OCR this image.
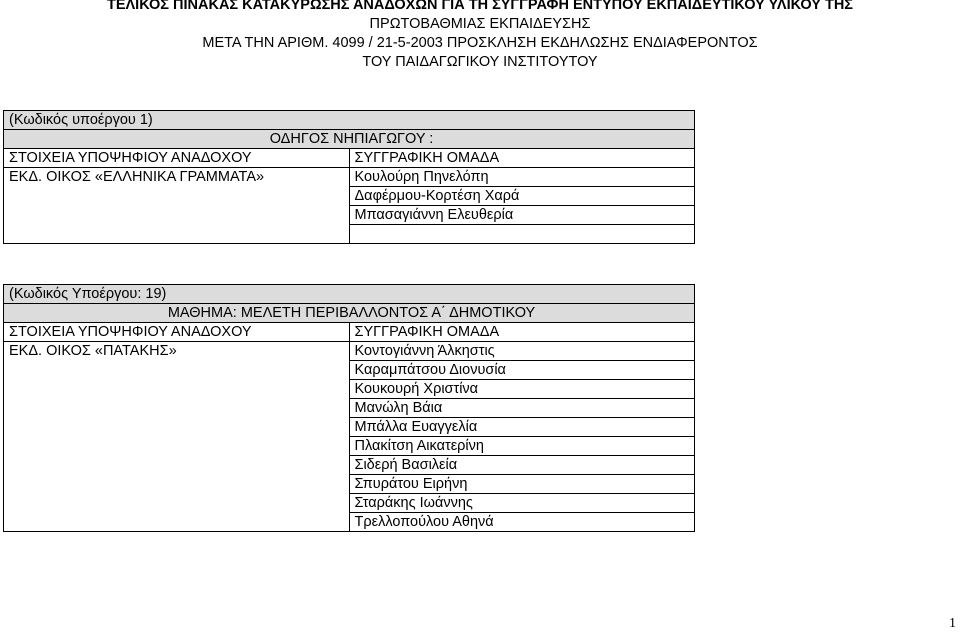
ΤΕΛΙΚΟΣ ΠΙΝΑΚΑΣ ΚΑΤΑΚΥΡΩΣΗΣ ΑΝΑΔΟΧΩΝ ΓΙΑ ΤΗ ΣΥΓΓΡΑΦΗ ΕΝΤΥΠΟΥ ΕΚΠΑΙΔΕΥΤΙΚΟΥ ΥΛΙΚΟΥ ΤΗΣ
ΠΡΩΤΟΒΑΘΜΙΑΣ ΕΚΠΑΙΔΕΥΣΗΣ
ΜΕΤΑ ΤΗΝ ΑΡΙΘΜ. 4099 / 21-5-2003 ΠΡΟΣΚΛΗΣΗ ΕΚΔΗΛΩΣΗΣ ΕΝΔΙΑΦΕΡΟΝΤΟΣ
ΤΟΥ ΠΑΙΔΑΓΩΓΙΚΟΥ ΙΝΣΤΙΤΟΥΤΟΥ
(Κωδικός υποέργου 1)	
ΟΔΗΓΟΣ ΝΗΠΙΑΓΩΓΟΥ :	
ΣΤΟΙΧΕΙΑ ΥΠΟΨΗΦΙΟΥ ΑΝΑΔΟΧΟΥ	ΣΥΓΓΡΑΦΙΚΗ ΟΜΑΔΑ
ΕΚΔ. ΟΙΚΟΣ «ΕΛΛΗΝΙΚΑ ΓΡΑΜΜΑΤΑ»	Κουλούρη Πηνελόπη
	Δαφέρμου-Κορτέση Χαρά
	Μπασαγιάννη Ελευθερία

(Κωδικός Υποέργου: 19)	
ΜΑΘΗΜΑ: ΜΕΛΕΤΗ ΠΕΡΙΒΑΛΛΟΝΤΟΣ Α΄ ΔΗΜΟΤΙΚΟΥ	
ΣΤΟΙΧΕΙΑ ΥΠΟΨΗΦΙΟΥ ΑΝΑΔΟΧΟΥ	ΣΥΓΓΡΑΦΙΚΗ ΟΜΑΔΑ
ΕΚΔ. ΟΙΚΟΣ «ΠΑΤΑΚΗΣ»	Κοντογιάννη Άλκηστις
	Καραμπάτσου Διονυσία
	Κουκουρή Χριστίνα
	Μανώλη Βάια
	Μπάλλα Ευαγγελία
	Πλακίτση Αικατερίνη
	Σιδερή Βασιλεία
	Σπυράτου Ειρήνη
	Σταράκης Ιωάννης
	Τρελλοπούλου Αθηνά
1
